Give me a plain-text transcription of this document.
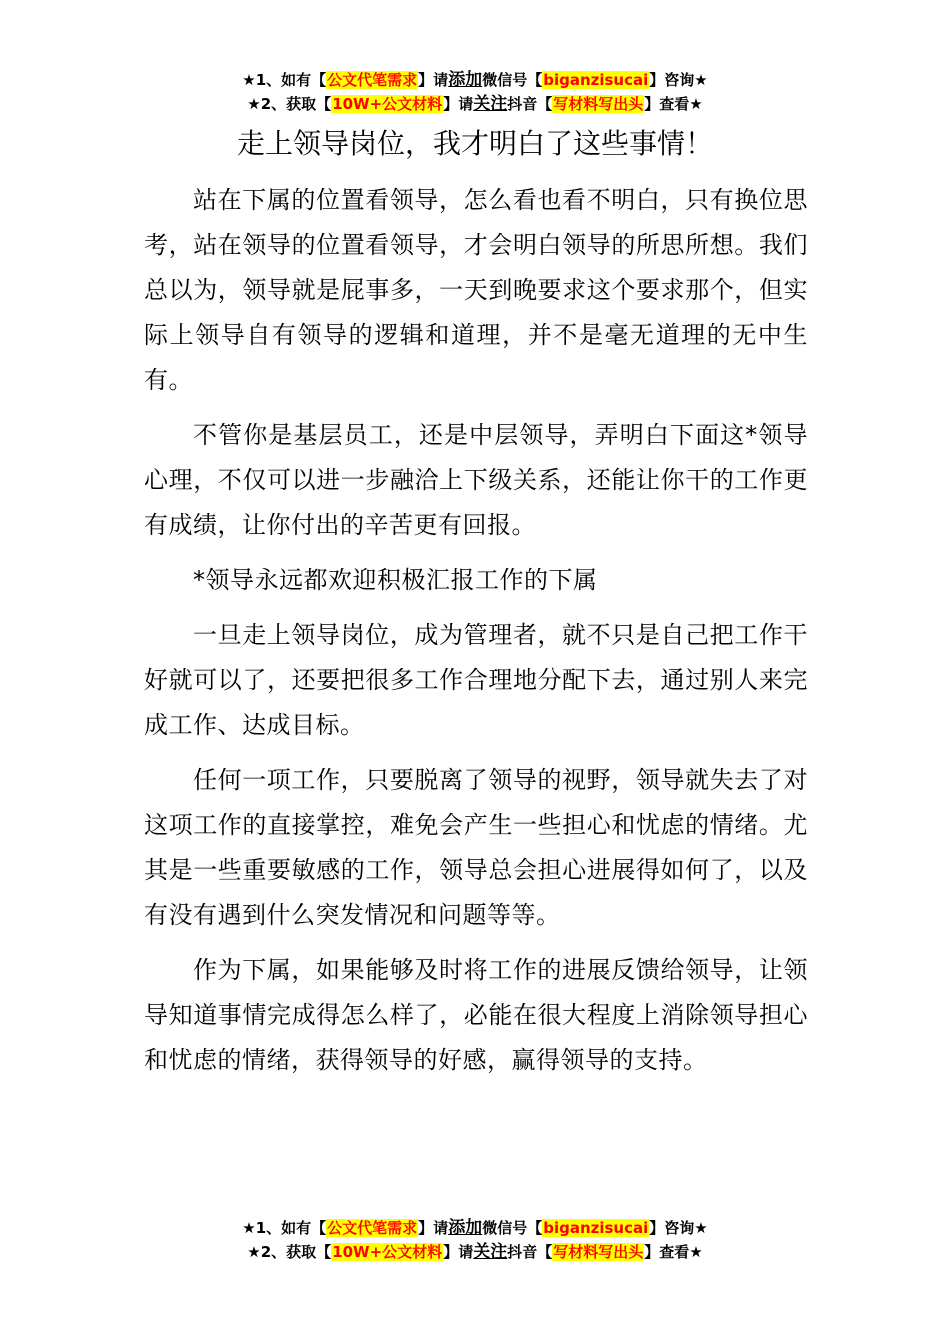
★1、如有【公文代笔需求】请添加微信号【biganzisucai】咨询★
★2、获取【10W+公文材料】请关注抖音【写材料写出头】查看★
走上领导岗位，我才明白了这些事情！

站在下属的位置看领导，怎么看也看不明白，只有换位思考，站在领导的位置看领导，才会明白领导的所思所想。我们总以为，领导就是屁事多，一天到晚要求这个要求那个，但实际上领导自有领导的逻辑和道理，并不是毫无道理的无中生有。

不管你是基层员工，还是中层领导，弄明白下面这*领导心理，不仅可以进一步融洽上下级关系，还能让你干的工作更有成绩，让你付出的辛苦更有回报。

*领导永远都欢迎积极汇报工作的下属

一旦走上领导岗位，成为管理者，就不只是自己把工作干好就可以了，还要把很多工作合理地分配下去，通过别人来完成工作、达成目标。

任何一项工作，只要脱离了领导的视野，领导就失去了对这项工作的直接掌控，难免会产生一些担心和忧虑的情绪。尤其是一些重要敏感的工作，领导总会担心进展得如何了，以及有没有遇到什么突发情况和问题等等。

作为下属，如果能够及时将工作的进展反馈给领导，让领导知道事情完成得怎么样了，必能在很大程度上消除领导担心和忧虑的情绪，获得领导的好感，赢得领导的支持。

★1、如有【公文代笔需求】请添加微信号【biganzisucai】咨询★
★2、获取【10W+公文材料】请关注抖音【写材料写出头】查看★
